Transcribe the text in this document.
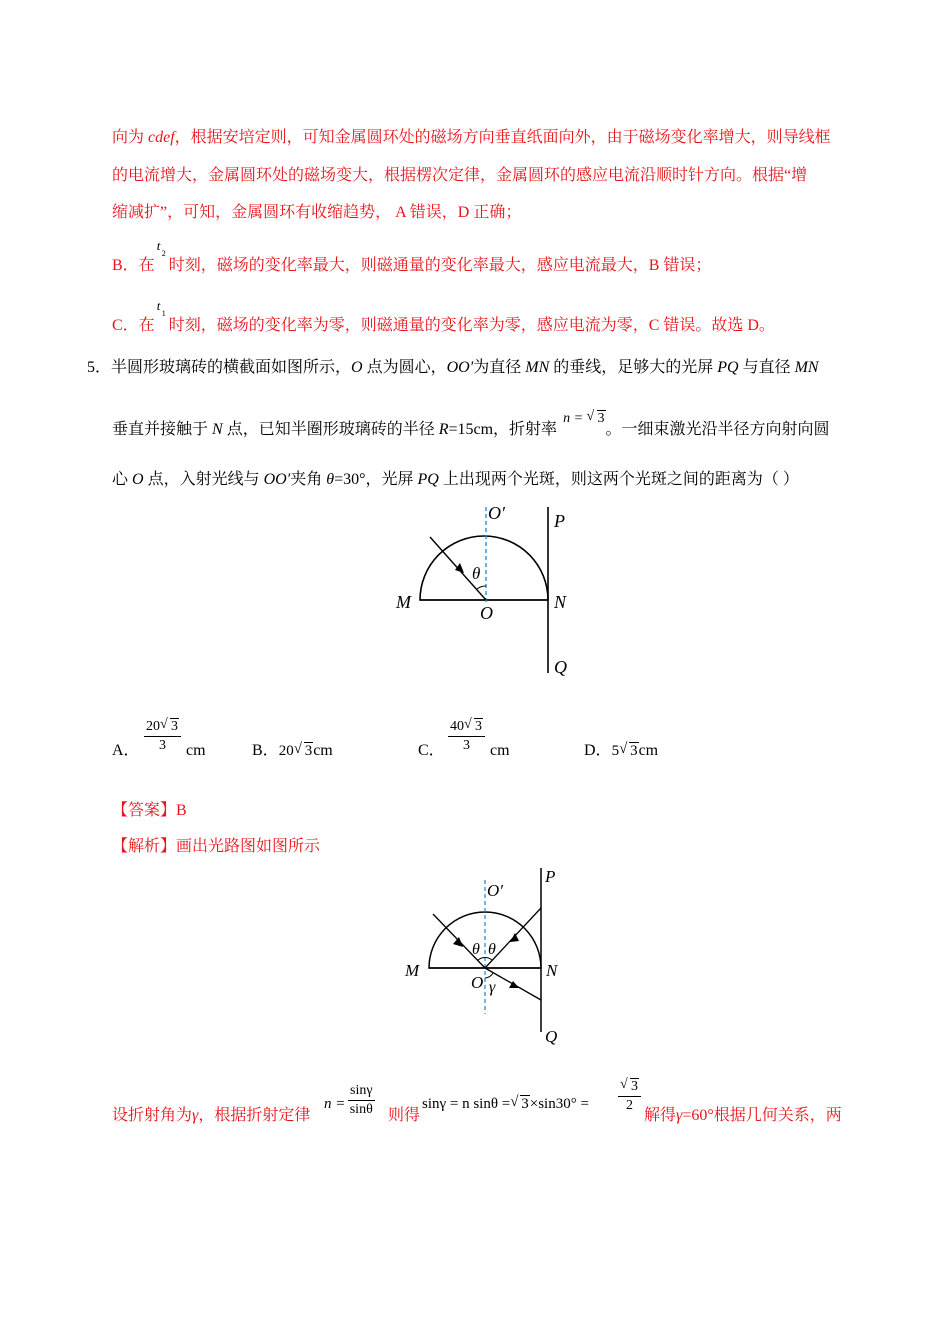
向为 cdef，根据安培定则，可知金属圆环处的磁场方向垂直纸面向外，由于磁场变化率增大，则导线框
的电流增大，金属圆环处的磁场变大，根据楞次定律，金属圆环的感应电流沿顺时针方向。根据“增
缩减扩”，可知，金属圆环有收缩趋势， A 错误，D 正确；
B．在
t
2
时刻，磁场的变化率最大，则磁通量的变化率最大，感应电流最大，B 错误；
C．在
t
1
时刻，磁场的变化率为零，则磁通量的变化率为零，感应电流为零，C 错误。故选 D。
5．半圆形玻璃砖的横截面如图所示，O 点为圆心，OO′为直径 MN 的垂线，足够大的光屏 PQ 与直径 MN
垂直并接触于 N 点，已知半圈形玻璃砖的半径 R=15cm，折射率n = √ 3。一细束激光沿半径方向射向圆
心 O 点，入射光线与 OO′夹角 θ=30°，光屏 PQ 上出现两个光斑，则这两个光斑之间的距离为（ ）
O′	P
θ
M
O
N
Q
A． $\frac{20 √ 3}{3}$ cm	B．20 √ 3cm	C． $\frac{40 √ 3}{3}$ cm	D．5 √ 3cm
【答案】B
【解析】画出光路图如图所示
P
O′
θ θ
M	N
O γ
Q
设折射角为γ，根据折射定律
$n = \frac{\sin\gamma}{\sin\theta}$ 则得
sinγ = n sinθ = √ $3\times\sin 30^\circ = \frac{√ 3}{2}$
解得γ=60°根据几何关系，两
